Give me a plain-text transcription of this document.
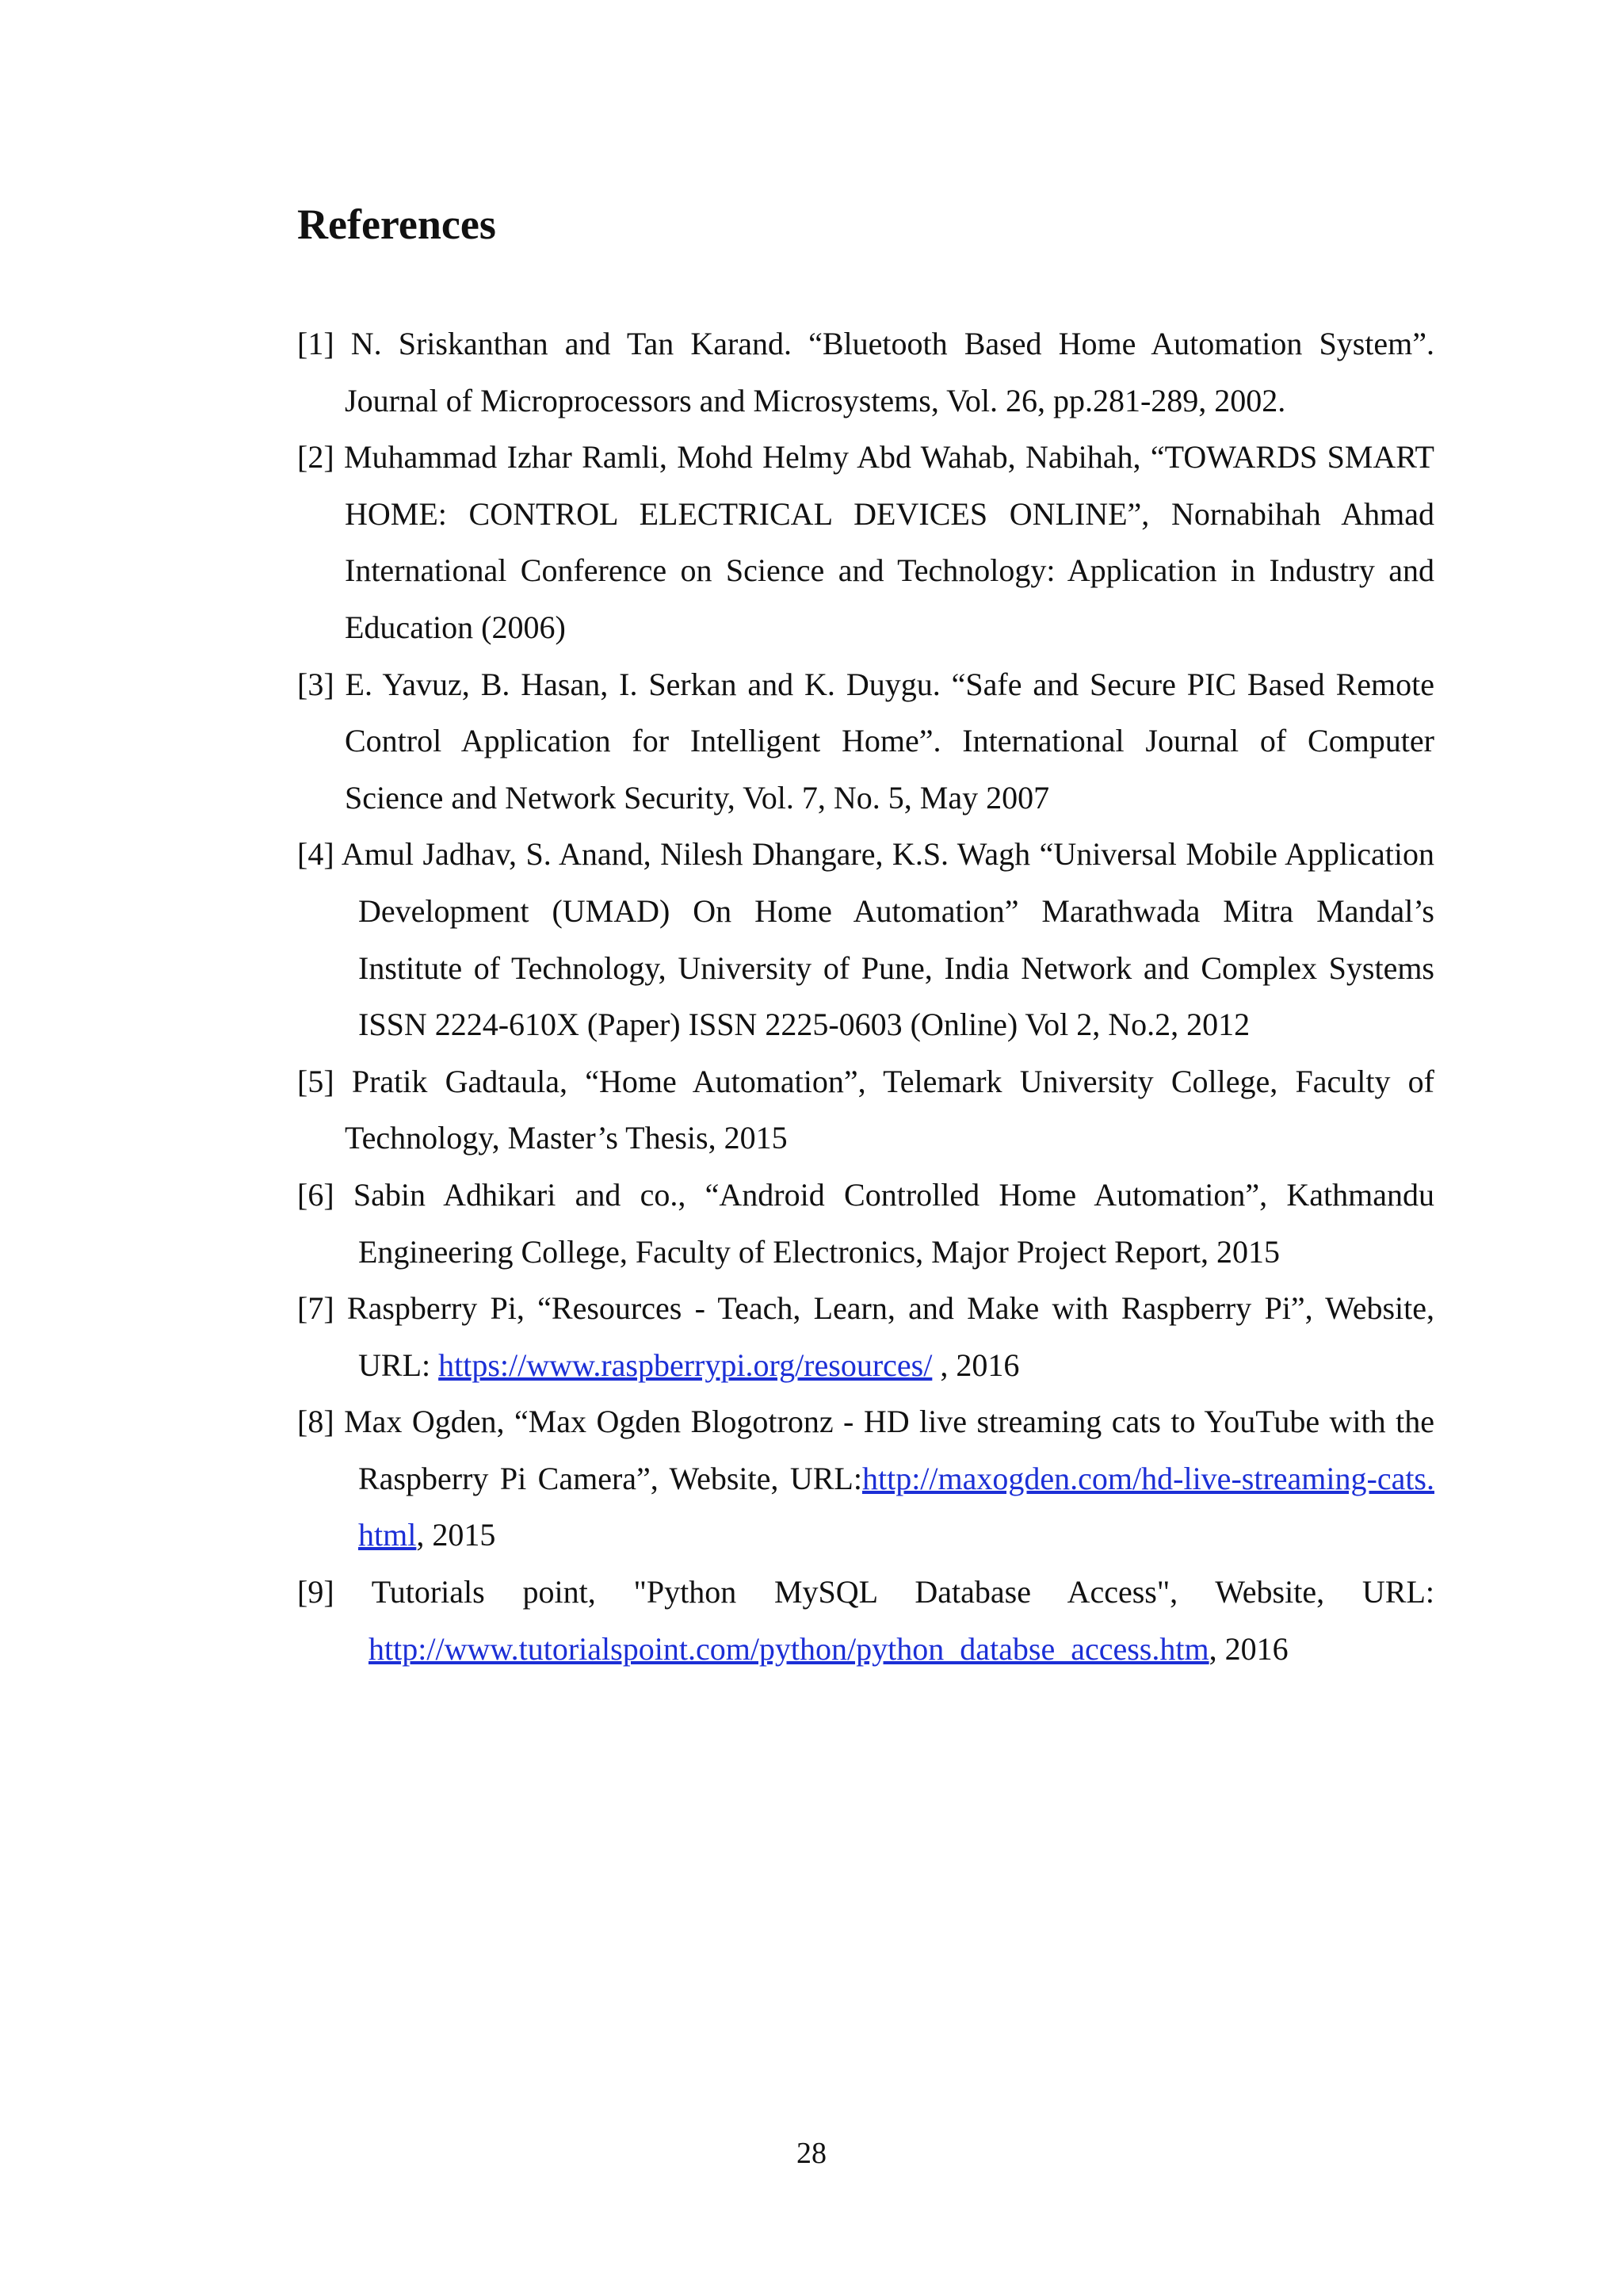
References
[1] N. Sriskanthan and Tan Karand. “Bluetooth Based Home Automation System”. Journal of Microprocessors and Microsystems, Vol. 26, pp.281-289, 2002.
[2] Muhammad Izhar Ramli, Mohd Helmy Abd Wahab, Nabihah, “TOWARDS SMART HOME: CONTROL ELECTRICAL DEVICES ONLINE”, Nornabihah Ahmad International Conference on Science and Technology: Application in Industry and Education (2006)
[3] E. Yavuz, B. Hasan, I. Serkan and K. Duygu. “Safe and Secure PIC Based Remote Control Application for Intelligent Home”. International Journal of Computer Science and Network Security, Vol. 7, No. 5, May 2007
[4] Amul Jadhav, S. Anand, Nilesh Dhangare, K.S. Wagh “Universal Mobile Application Development (UMAD) On Home Automation” Marathwada Mitra Mandal’s Institute of Technology, University of Pune, India Network and Complex Systems ISSN 2224-610X (Paper) ISSN 2225-0603 (Online) Vol 2, No.2, 2012
[5] Pratik Gadtaula, “Home Automation”, Telemark University College, Faculty of Technology, Master’s Thesis, 2015
[6] Sabin Adhikari and co., “Android Controlled Home Automation”, Kathmandu Engineering College, Faculty of Electronics, Major Project Report, 2015
[7] Raspberry Pi, “Resources - Teach, Learn, and Make with Raspberry Pi”, Website, URL: https://www.raspberrypi.org/resources/ , 2016
[8] Max Ogden, “Max Ogden Blogotronz - HD live streaming cats to YouTube with the Raspberry Pi Camera”, Website, URL:http://maxogden.com/hd-live-streaming-cats.html, 2015
[9] Tutorials point, "Python MySQL Database Access", Website, URL: http://www.tutorialspoint.com/python/python_databse_access.htm, 2016
28
